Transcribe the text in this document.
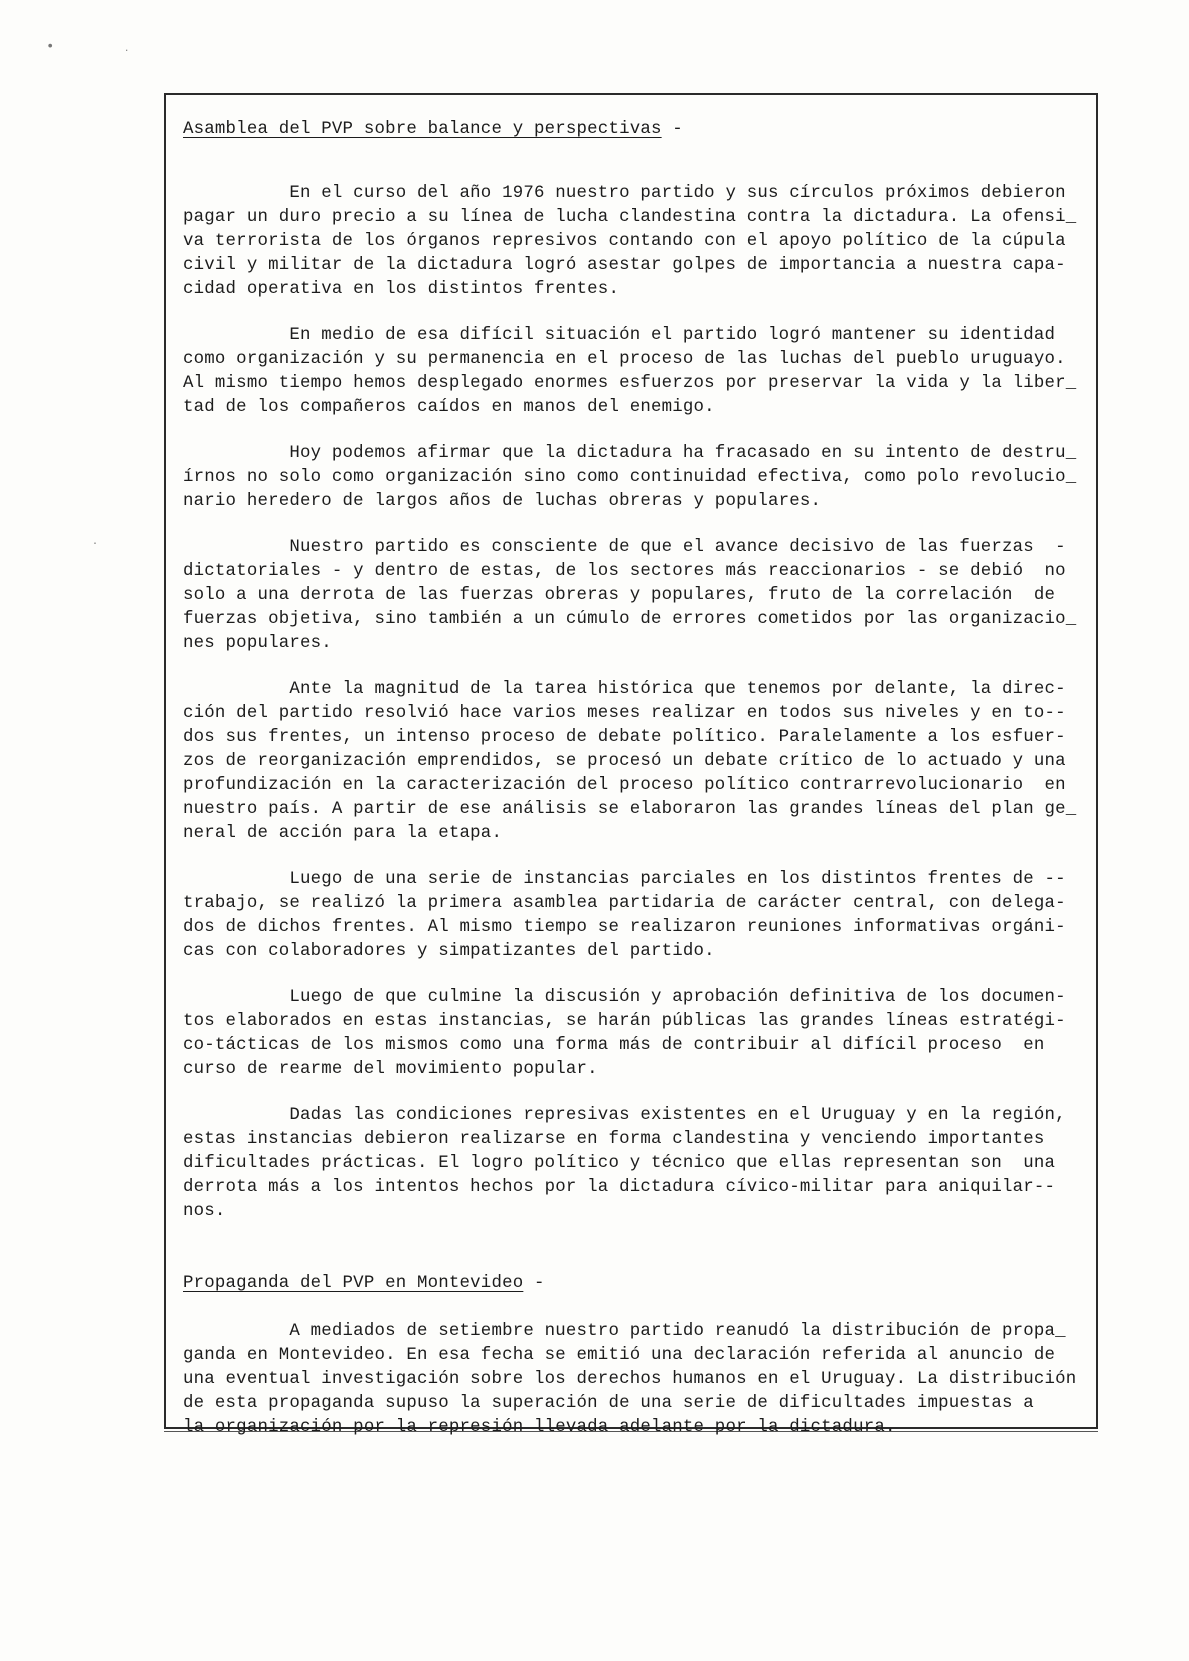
•	·
·
Asamblea del PVP sobre balance y perspectivas -
En el curso del año 1976 nuestro partido y sus círculos próximos debieron
pagar un duro precio a su línea de lucha clandestina contra la dictadura. La ofensi_
va terrorista de los órganos represivos contando con el apoyo político de la cúpula
civil y militar de la dictadura logró asestar golpes de importancia a nuestra capa-
cidad operativa en los distintos frentes.
En medio de esa difícil situación el partido logró mantener su identidad
como organización y su permanencia en el proceso de las luchas del pueblo uruguayo.
Al mismo tiempo hemos desplegado enormes esfuerzos por preservar la vida y la liber_
tad de los compañeros caídos en manos del enemigo.
Hoy podemos afirmar que la dictadura ha fracasado en su intento de destru_
írnos no solo como organización sino como continuidad efectiva, como polo revolucio_
nario heredero de largos años de luchas obreras y populares.
Nuestro partido es consciente de que el avance decisivo de las fuerzas  -
dictatoriales - y dentro de estas, de los sectores más reaccionarios - se debió  no
solo a una derrota de las fuerzas obreras y populares, fruto de la correlación  de
fuerzas objetiva, sino también a un cúmulo de errores cometidos por las organizacio_
nes populares.
Ante la magnitud de la tarea histórica que tenemos por delante, la direc-
ción del partido resolvió hace varios meses realizar en todos sus niveles y en to--
dos sus frentes, un intenso proceso de debate político. Paralelamente a los esfuer-
zos de reorganización emprendidos, se procesó un debate crítico de lo actuado y una
profundización en la caracterización del proceso político contrarrevolucionario  en
nuestro país. A partir de ese análisis se elaboraron las grandes líneas del plan ge_
neral de acción para la etapa.
Luego de una serie de instancias parciales en los distintos frentes de --
trabajo, se realizó la primera asamblea partidaria de carácter central, con delega-
dos de dichos frentes. Al mismo tiempo se realizaron reuniones informativas orgáni-
cas con colaboradores y simpatizantes del partido.
Luego de que culmine la discusión y aprobación definitiva de los documen-
tos elaborados en estas instancias, se harán públicas las grandes líneas estratégi-
co-tácticas de los mismos como una forma más de contribuir al difícil proceso  en
curso de rearme del movimiento popular.
Dadas las condiciones represivas existentes en el Uruguay y en la región,
estas instancias debieron realizarse en forma clandestina y venciendo importantes
dificultades prácticas. El logro político y técnico que ellas representan son  una
derrota más a los intentos hechos por la dictadura cívico-militar para aniquilar--
nos.
Propaganda del PVP en Montevideo -
A mediados de setiembre nuestro partido reanudó la distribución de propa_
ganda en Montevideo. En esa fecha se emitió una declaración referida al anuncio de
una eventual investigación sobre los derechos humanos en el Uruguay. La distribución
de esta propaganda supuso la superación de una serie de dificultades impuestas a
la organización por la represión llevada adelante por la dictadura.
